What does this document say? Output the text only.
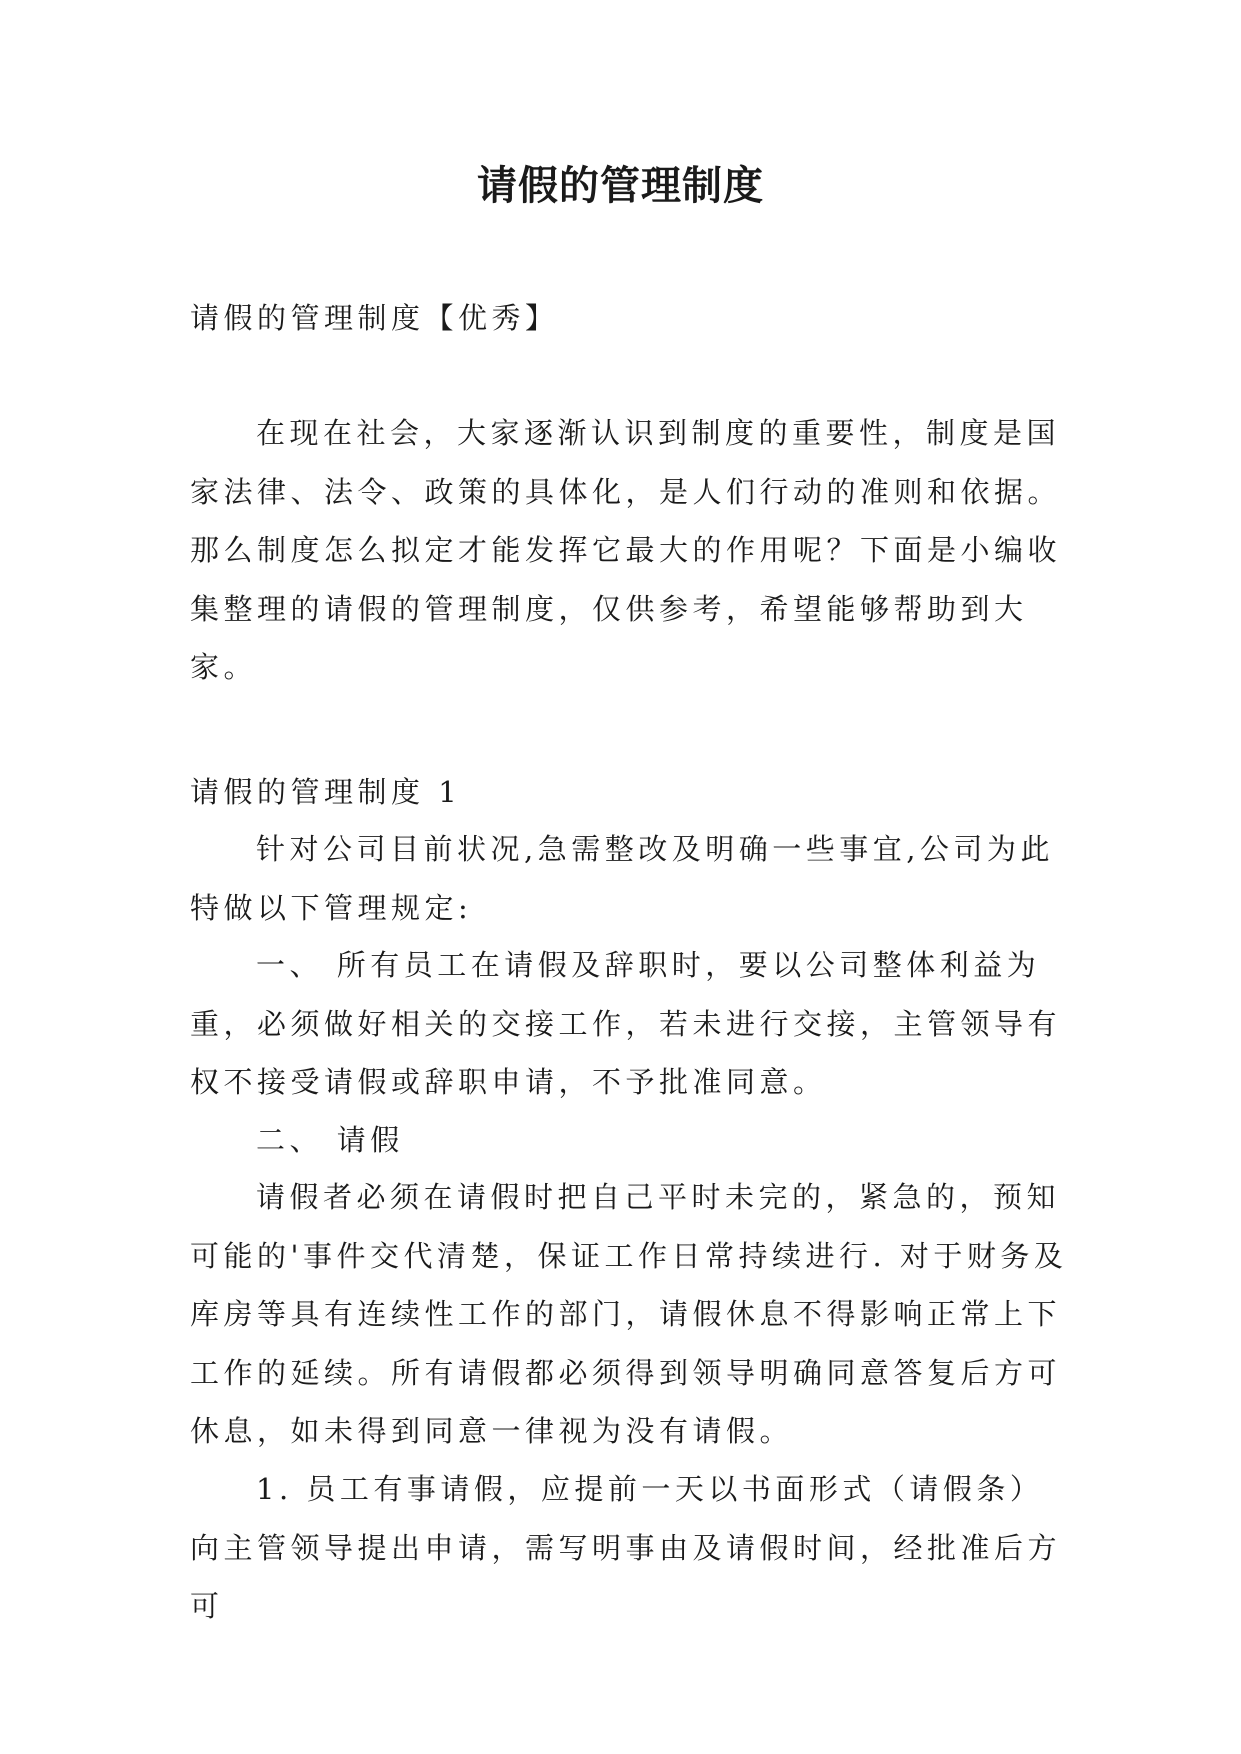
请假的管理制度

请假的管理制度【优秀】

在现在社会，大家逐渐认识到制度的重要性，制度是国家法律、法令、政策的具体化，是人们行动的准则和依据。那么制度怎么拟定才能发挥它最大的作用呢？下面是小编收集整理的请假的管理制度，仅供参考，希望能够帮助到大家。

请假的管理制度 1

针对公司目前状况,急需整改及明确一些事宜,公司为此特做以下管理规定:

一、 所有员工在请假及辞职时，要以公司整体利益为重，必须做好相关的交接工作，若未进行交接，主管领导有权不接受请假或辞职申请，不予批准同意。

二、 请假

请假者必须在请假时把自己平时未完的，紧急的，预知可能的'事件交代清楚，保证工作日常持续进行. 对于财务及库房等具有连续性工作的部门，请假休息不得影响正常上下工作的延续。所有请假都必须得到领导明确同意答复后方可休息，如未得到同意一律视为没有请假。

1. 员工有事请假，应提前一天以书面形式（请假条）向主管领导提出申请，需写明事由及请假时间，经批准后方可
